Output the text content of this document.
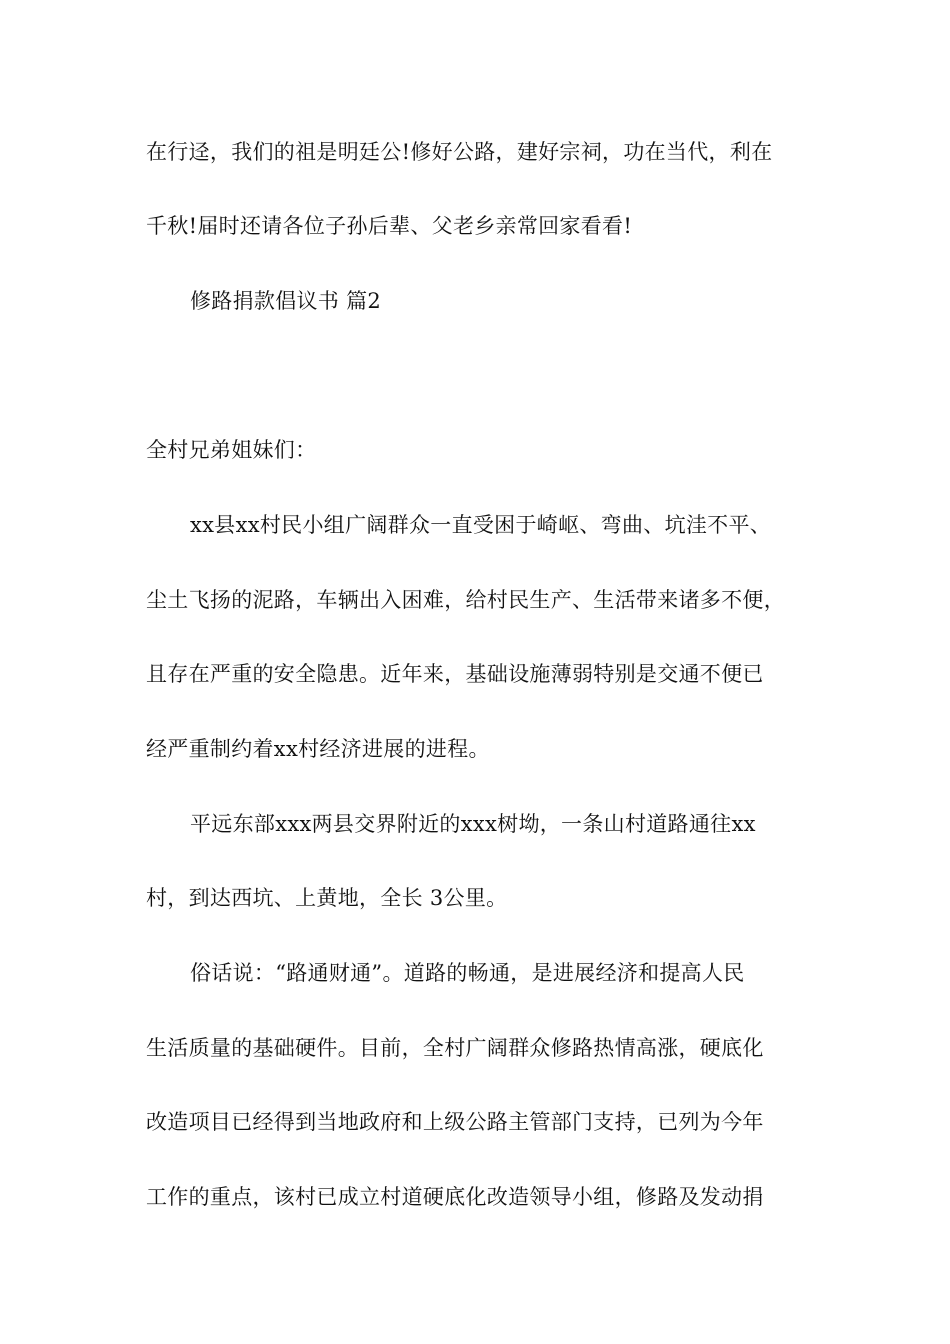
在行迳，我们的祖是明廷公!修好公路，建好宗祠，功在当代，利在
千秋!届时还请各位子孙后辈、父老乡亲常回家看看!
修路捐款倡议书 篇2
全村兄弟姐妹们：
xx县xx村民小组广阔群众一直受困于崎岖、弯曲、坑洼不平、
尘土飞扬的泥路，车辆出入困难，给村民生产、生活带来诸多不便，
且存在严重的安全隐患。近年来，基础设施薄弱特别是交通不便已
经严重制约着xx村经济进展的进程。
平远东部xxx两县交界附近的xxx树坳，一条山村道路通往xx
村，到达西坑、上黄地，全长 3公里。
俗话说：“路通财通”。道路的畅通，是进展经济和提高人民
生活质量的基础硬件。目前，全村广阔群众修路热情高涨，硬底化
改造项目已经得到当地政府和上级公路主管部门支持，已列为今年
工作的重点，该村已成立村道硬底化改造领导小组，修路及发动捐
